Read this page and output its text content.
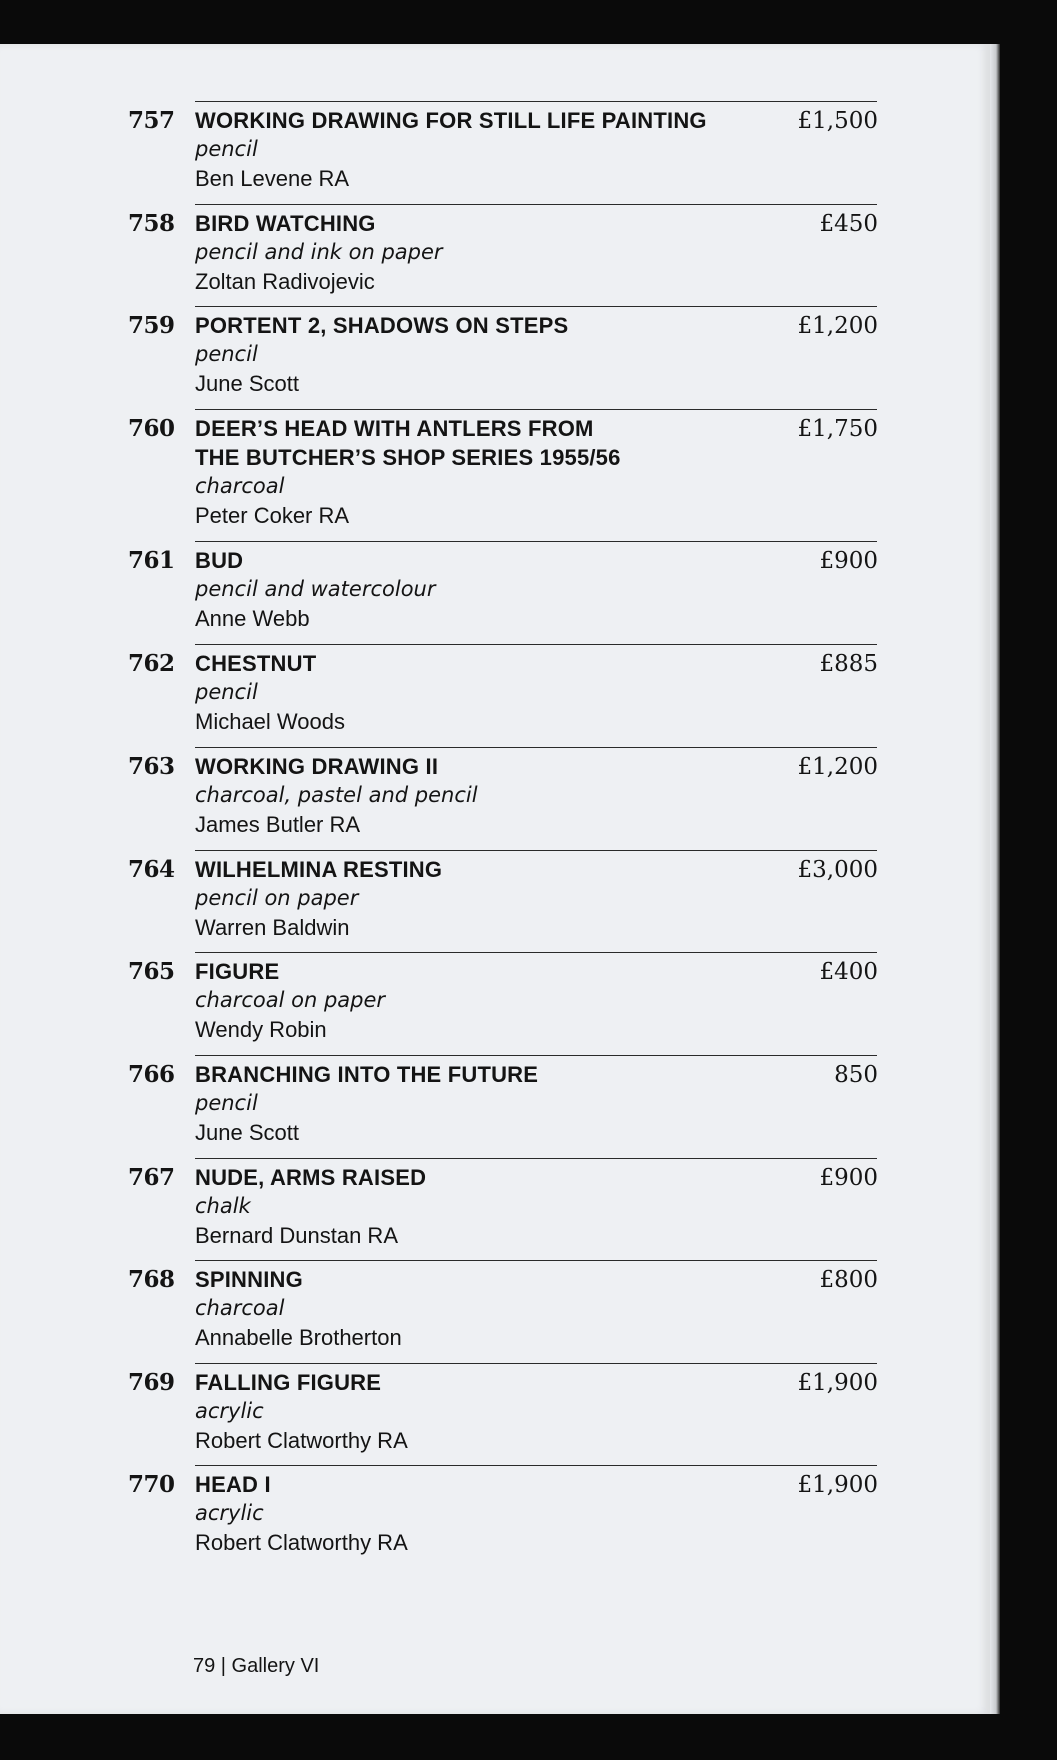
757 WORKING DRAWING FOR STILL LIFE PAINTING
pencil
Ben Levene RA
£1,500
758 BIRD WATCHING
pencil and ink on paper
Zoltan Radivojevic
£450
759 PORTENT 2, SHADOWS ON STEPS
pencil
June Scott
£1,200
760 DEER’S HEAD WITH ANTLERS FROM THE BUTCHER’S SHOP SERIES 1955/56
charcoal
Peter Coker RA
£1,750
761 BUD
pencil and watercolour
Anne Webb
£900
762 CHESTNUT
pencil
Michael Woods
£885
763 WORKING DRAWING II
charcoal, pastel and pencil
James Butler RA
£1,200
764 WILHELMINA RESTING
pencil on paper
Warren Baldwin
£3,000
765 FIGURE
charcoal on paper
Wendy Robin
£400
766 BRANCHING INTO THE FUTURE
pencil
June Scott
850
767 NUDE, ARMS RAISED
chalk
Bernard Dunstan RA
£900
768 SPINNING
charcoal
Annabelle Brotherton
£800
769 FALLING FIGURE
acrylic
Robert Clatworthy RA
£1,900
770 HEAD I
acrylic
Robert Clatworthy RA
£1,900
79 | Gallery VI
